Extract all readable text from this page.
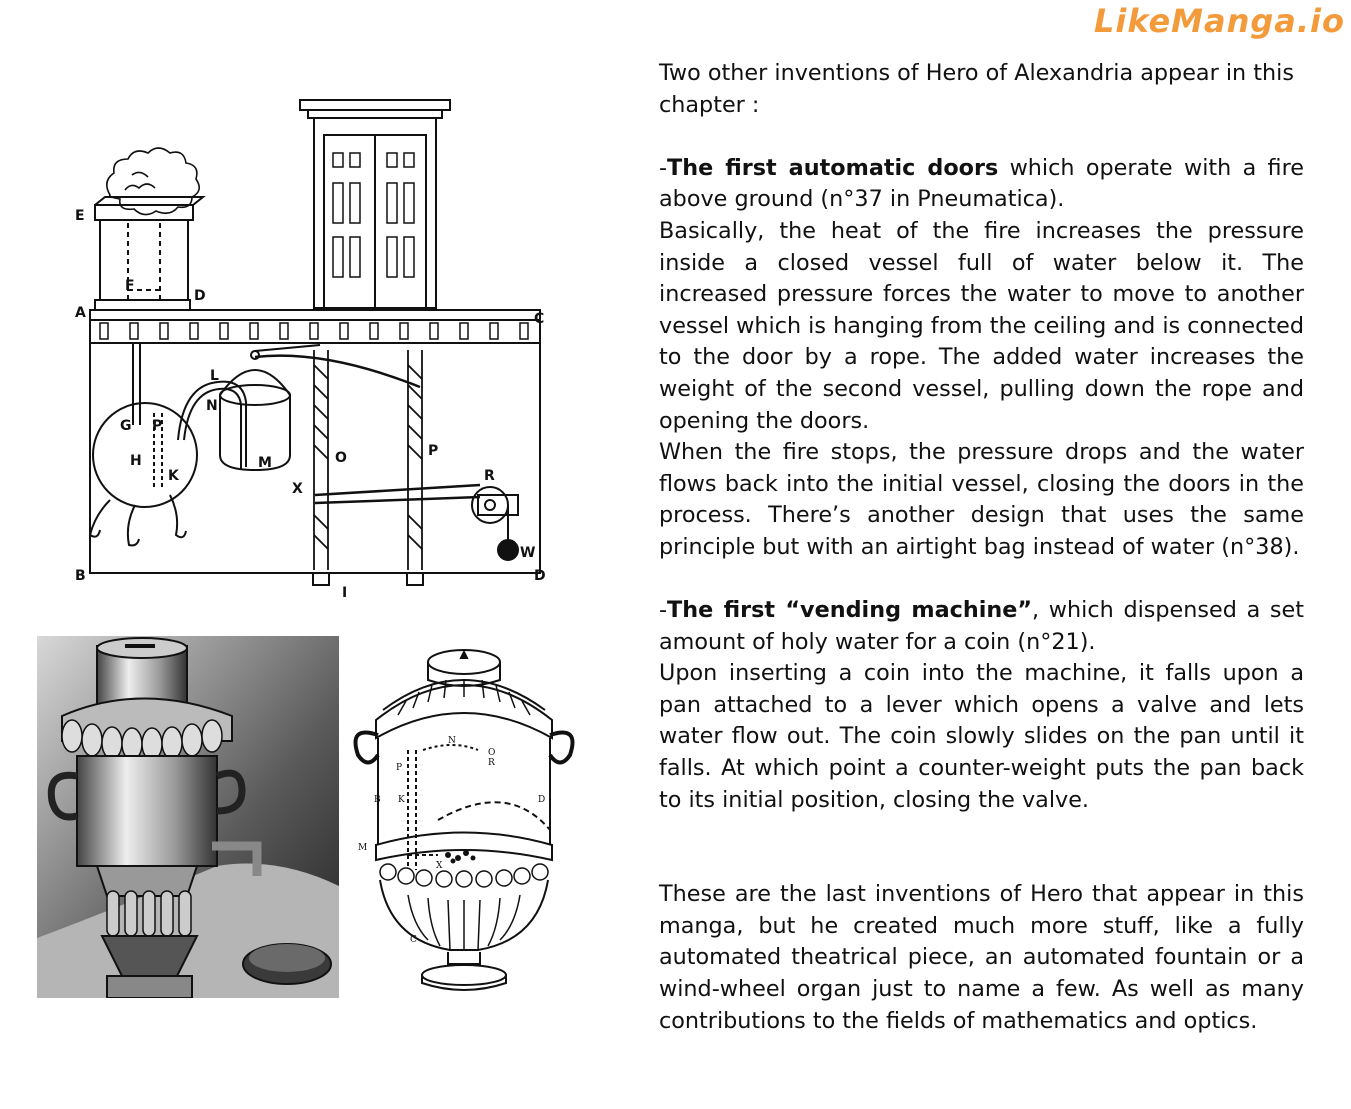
LikeManga.io
E
F
D
A	C
L
N
G P
H
K
M
X
O	P
R
W
B	D
I
N
O
R
P
B K	D
M
X
C

Two other inventions of Hero of Alexandria appear in this chapter :

-The first automatic doors which operate with a fire above ground (n°37 in Pneumatica).

Basically, the heat of the fire increases the pressure inside a closed vessel full of water below it. The increased pressure forces the water to move to another vessel which is hanging from the ceiling and is connected to the door by a rope. The added water increases the weight of the second vessel, pulling down the rope and opening the doors.

When the fire stops, the pressure drops and the water flows back into the initial vessel, closing the doors in the process. There’s another design that uses the same principle but with an airtight bag instead of water (n°38).

-The first “vending machine”, which dispensed a set amount of holy water for a coin (n°21).

Upon inserting a coin into the machine, it falls upon a pan attached to a lever which opens a valve and lets water flow out. The coin slowly slides on the pan until it falls. At which point a counter-weight puts the pan back to its initial position, closing the valve.

These are the last inventions of Hero that appear in this manga, but he created much more stuff, like a fully automated theatrical piece, an automated fountain or a wind-wheel organ just to name a few. As well as many contributions to the fields of mathematics and optics.
